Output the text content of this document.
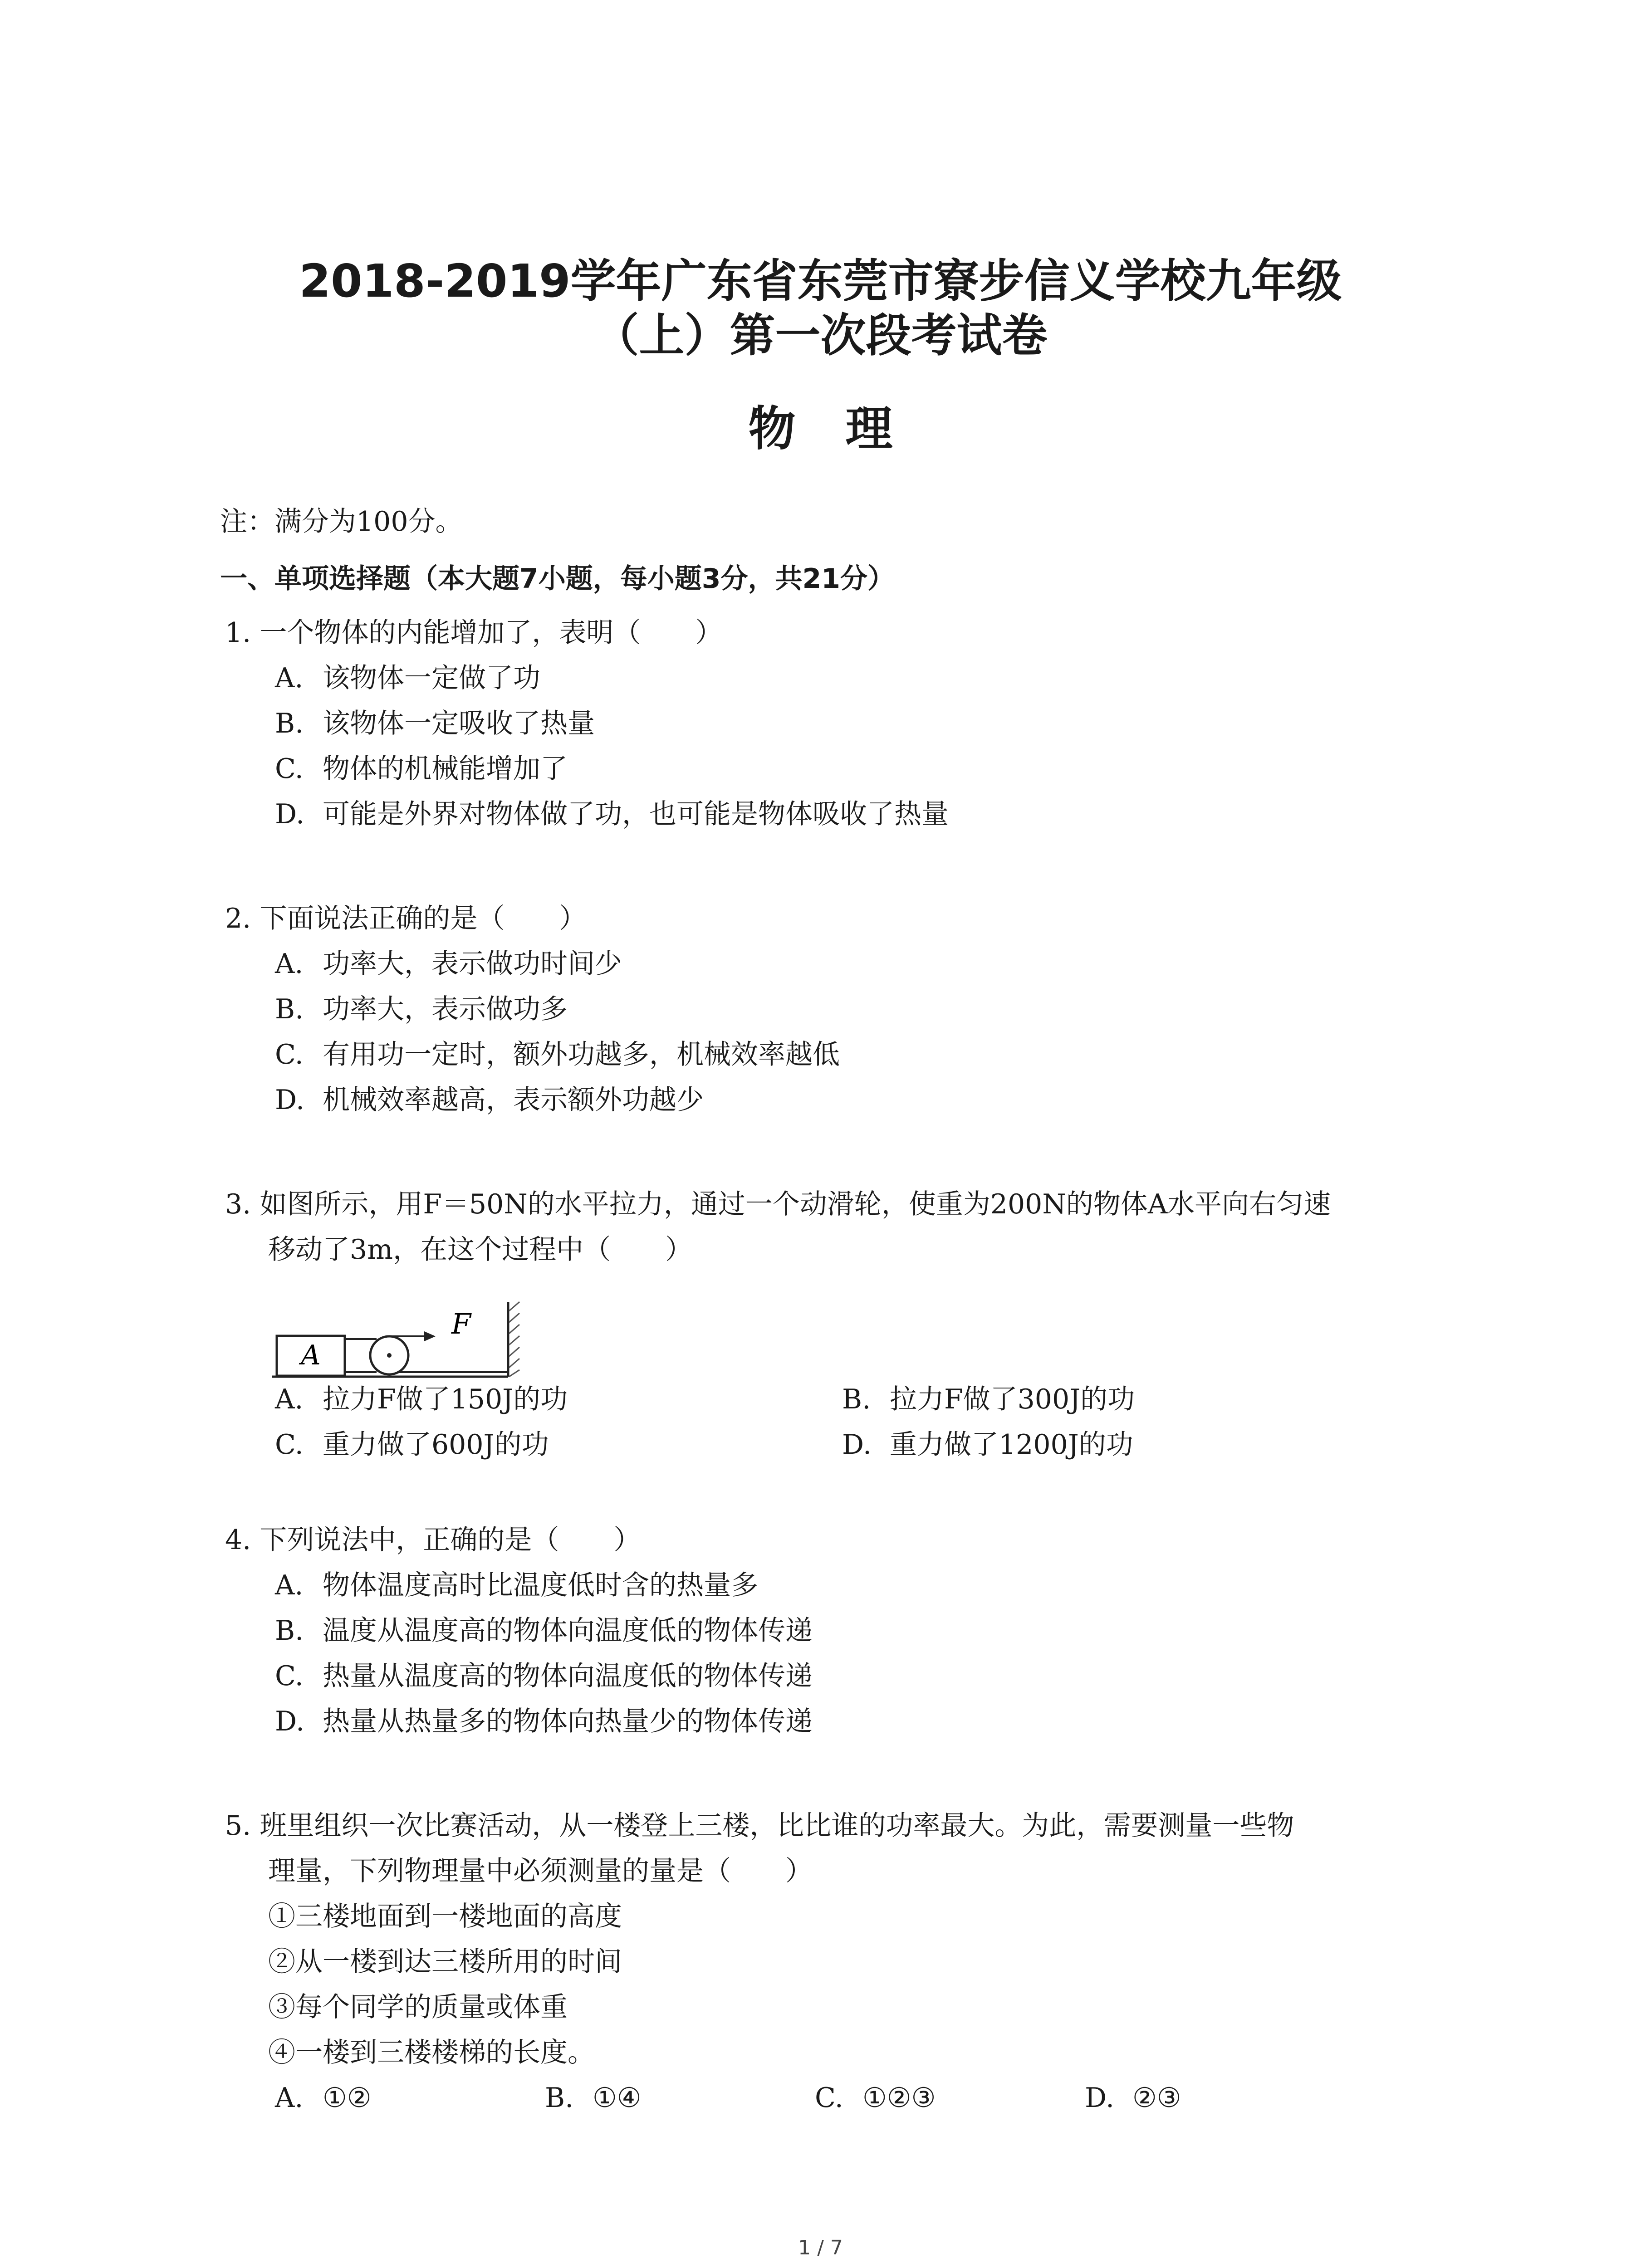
2018-2019学年广东省东莞市寮步信义学校九年级
（上）第一次段考试卷
物理
注：满分为100分。
一、单项选择题（本大题7小题，每小题3分，共21分）
1. 一个物体的内能增加了，表明（　　）
A. 该物体一定做了功
B. 该物体一定吸收了热量
C. 物体的机械能增加了
D. 可能是外界对物体做了功，也可能是物体吸收了热量
2. 下面说法正确的是（　　）
A. 功率大，表示做功时间少
B. 功率大，表示做功多
C. 有用功一定时，额外功越多，机械效率越低
D. 机械效率越高，表示额外功越少
3. 如图所示，用F＝50N的水平拉力，通过一个动滑轮，使重为200N的物体A水平向右匀速
移动了3m，在这个过程中（　　）
A
F
A. 拉力F做了150J的功	B. 拉力F做了300J的功
C. 重力做了600J的功	D. 重力做了1200J的功
4. 下列说法中，正确的是（　　）
A. 物体温度高时比温度低时含的热量多
B. 温度从温度高的物体向温度低的物体传递
C. 热量从温度高的物体向温度低的物体传递
D. 热量从热量多的物体向热量少的物体传递
5. 班里组织一次比赛活动，从一楼登上三楼，比比谁的功率最大。为此，需要测量一些物
理量，下列物理量中必须测量的量是（　　）
①三楼地面到一楼地面的高度
②从一楼到达三楼所用的时间
③每个同学的质量或体重
④一楼到三楼楼梯的长度。
A. ①②	B. ①④	C. ①②③	D. ②③
1 / 7
